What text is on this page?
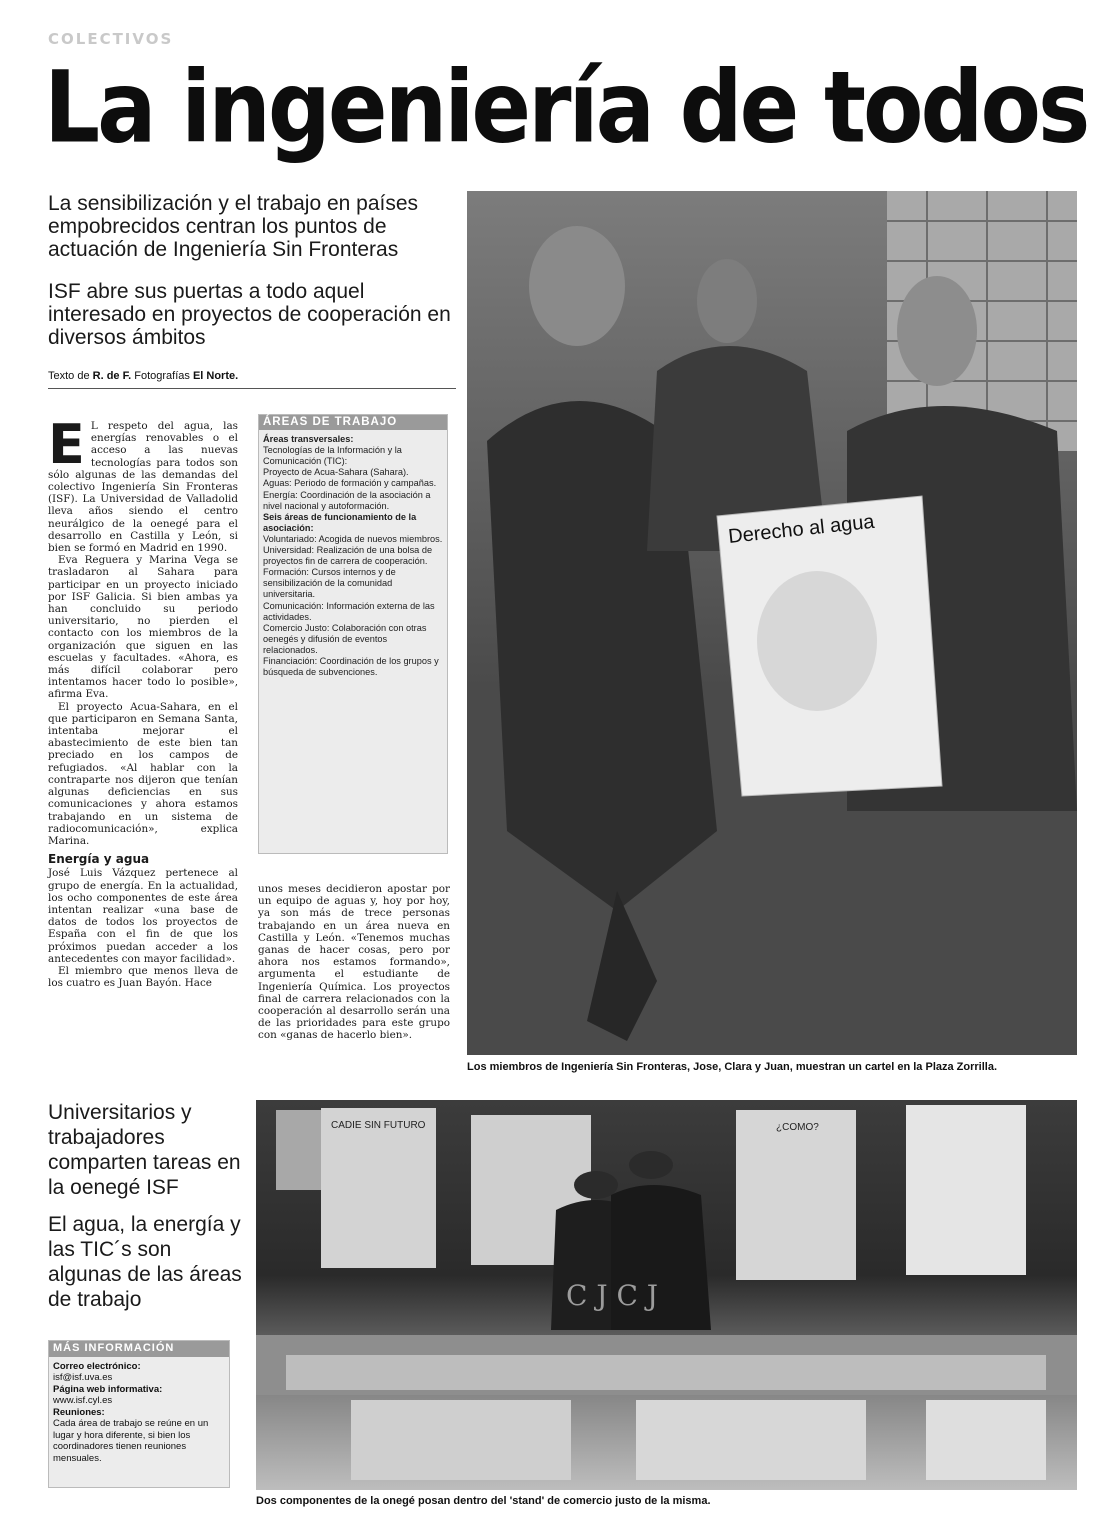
COLECTIVOS
La ingeniería de todos

La sensibilización y el trabajo en países empobrecidos centran los puntos de actuación de Ingeniería Sin Fronteras

ISF abre sus puertas a todo aquel interesado en proyectos de cooperación en diversos ámbitos

Texto de R. de F. Fotografías El Norte.

E L respeto del agua, las energías renovables o el acceso a las nuevas tecnologías para todos son sólo algunas de las demandas del colectivo Ingeniería Sin Fronteras (ISF). La Universidad de Valladolid lleva años siendo el centro neurálgico de la oenegé para el desarrollo en Castilla y León, si bien se formó en Madrid en 1990.

Eva Reguera y Marina Vega se trasladaron al Sahara para participar en un proyecto iniciado por ISF Galicia. Si bien ambas ya han concluido su periodo universitario, no pierden el contacto con los miembros de la organización que siguen en las escuelas y facultades. «Ahora, es más difícil colaborar pero intentamos hacer todo lo posible», afirma Eva.

El proyecto Acua-Sahara, en el que participaron en Semana Santa, intentaba mejorar el abastecimiento de este bien tan preciado en los campos de refugiados. «Al hablar con la contraparte nos dijeron que tenían algunas deficiencias en sus comunicaciones y ahora estamos trabajando en un sistema de radiocomunicación», explica Marina.

Energía y agua

José Luis Vázquez pertenece al grupo de energía. En la actualidad, los ocho componentes de este área intentan realizar «una base de datos de todos los proyectos de España con el fin de que los próximos puedan acceder a los antecedentes con mayor facilidad».

El miembro que menos lleva de los cuatro es Juan Bayón. Hace

ÁREAS DE TRABAJO
Áreas transversales:
Tecnologías de la Información y la Comunicación (TIC):
Proyecto de Acua-Sahara (Sahara).
Aguas: Periodo de formación y campañas.
Energía: Coordinación de la asociación a nivel nacional y autoformación.
Seis áreas de funcionamiento de la asociación:
Voluntariado: Acogida de nuevos miembros.
Universidad: Realización de una bolsa de proyectos fin de carrera de cooperación.
Formación: Cursos internos y de sensibilización de la comunidad universitaria.
Comunicación: Información externa de las actividades.
Comercio Justo: Colaboración con otras oenegés y difusión de eventos relacionados.
Financiación: Coordinación de los grupos y búsqueda de subvenciones.

unos meses decidieron apostar por un equipo de aguas y, hoy por hoy, ya son más de trece personas trabajando en un área nueva en Castilla y León. «Tenemos muchas ganas de hacer cosas, pero por ahora nos estamos formando», argumenta el estudiante de Ingeniería Química. Los proyectos final de carrera relacionados con la cooperación al desarrollo serán una de las prioridades para este grupo con «ganas de hacerlo bien».

Derecho al agua
Los miembros de Ingeniería Sin Fronteras, Jose, Clara y Juan, muestran un cartel en la Plaza Zorrilla.

Universitarios y trabajadores comparten tareas en la oenegé ISF

El agua, la energía y las TIC´s son algunas de las áreas de trabajo

MÁS INFORMACIÓN
Correo electrónico:
isf@isf.uva.es
Página web informativa:
www.isf.cyl.es
Reuniones:
Cada área de trabajo se reúne en un lugar y hora diferente, si bien los coordinadores tienen reuniones mensuales.
CADIE SIN FUTURO	¿COMO?
C J C J
Dos componentes de la onegé posan dentro del 'stand' de comercio justo de la misma.
